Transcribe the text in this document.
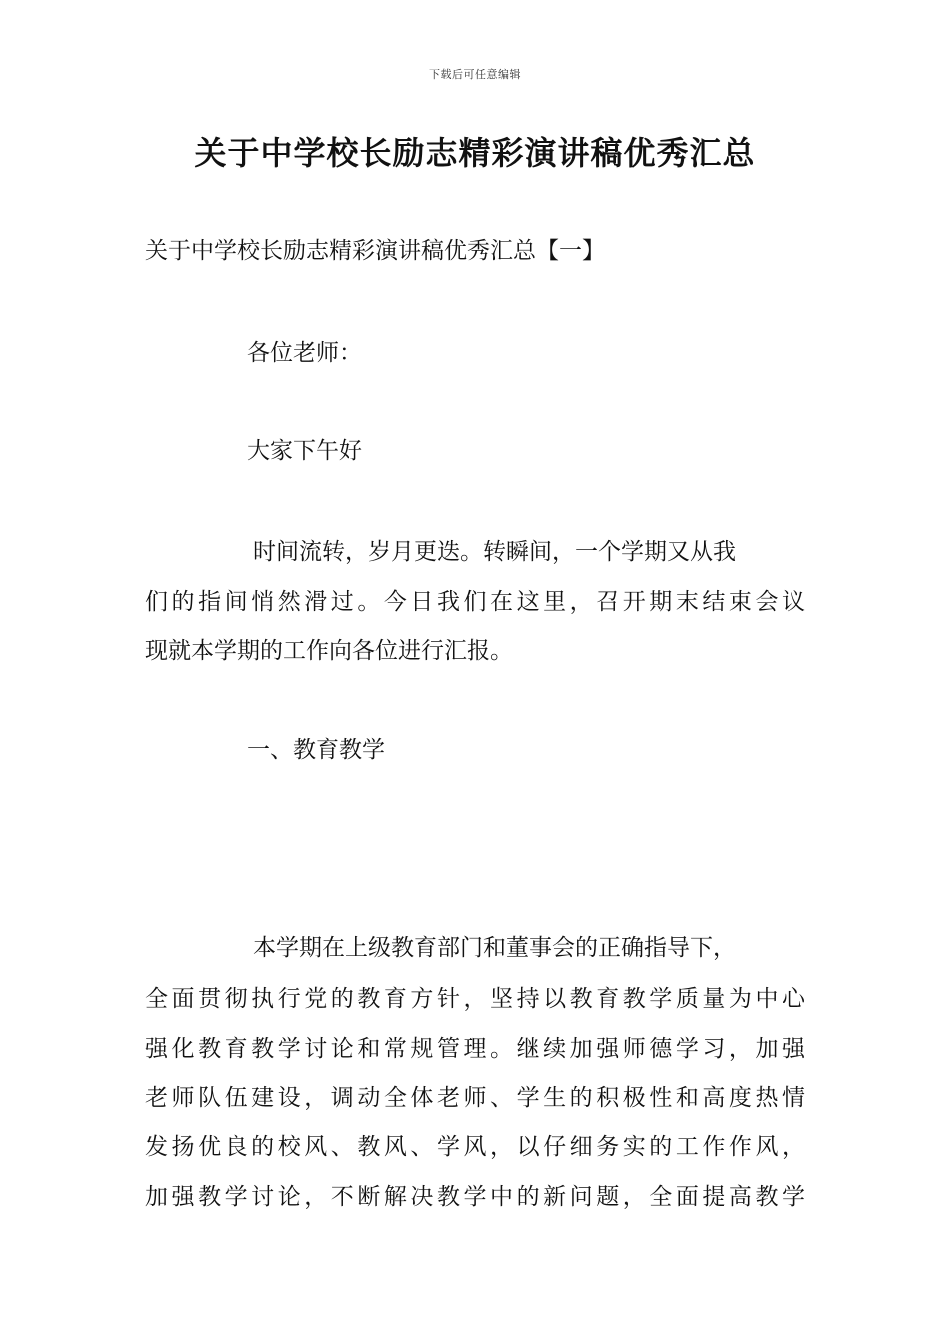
下载后可任意编辑
关于中学校长励志精彩演讲稿优秀汇总
关于中学校长励志精彩演讲稿优秀汇总【一】

各位老师：

大家下午好

时间流转，岁月更迭。转瞬间，一个学期又从我

们的指间悄然滑过。今日我们在这里，召开期末结束会议

现就本学期的工作向各位进行汇报。

一、教育教学

本学期在上级教育部门和董事会的正确指导下，

全面贯彻执行党的教育方针，坚持以教育教学质量为中心

强化教育教学讨论和常规管理。继续加强师德学习，加强

老师队伍建设，调动全体老师、学生的积极性和高度热情

发扬优良的校风、教风、学风，以仔细务实的工作作风，

加强教学讨论，不断解决教学中的新问题，全面提高教学
